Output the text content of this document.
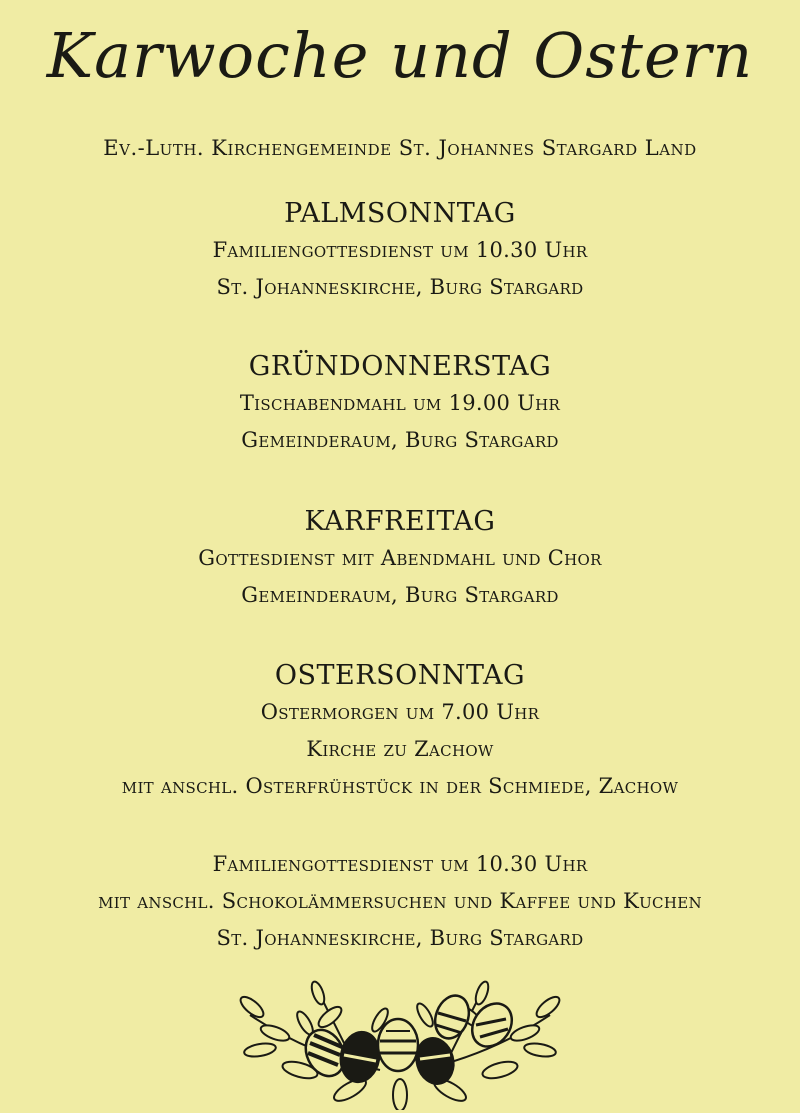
Karwoche und Ostern
Ev.-Luth. Kirchengemeinde St. Johannes Stargard Land
PALMSONNTAG
Familiengottesdienst um 10.30 Uhr
St. Johanneskirche, Burg Stargard
GRÜNDONNERSTAG
Tischabendmahl um 19.00 Uhr
Gemeinderaum, Burg Stargard
KARFREITAG
Gottesdienst mit Abendmahl und Chor
Gemeinderaum, Burg Stargard
OSTERSONNTAG
Ostermorgen um 7.00 Uhr
Kirche zu Zachow
mit anschl. Osterfrühstück in der Schmiede, Zachow
Familiengottesdienst um 10.30 Uhr
mit anschl. Schokolämmersuchen und Kaffee und Kuchen
St. Johanneskirche, Burg Stargard
